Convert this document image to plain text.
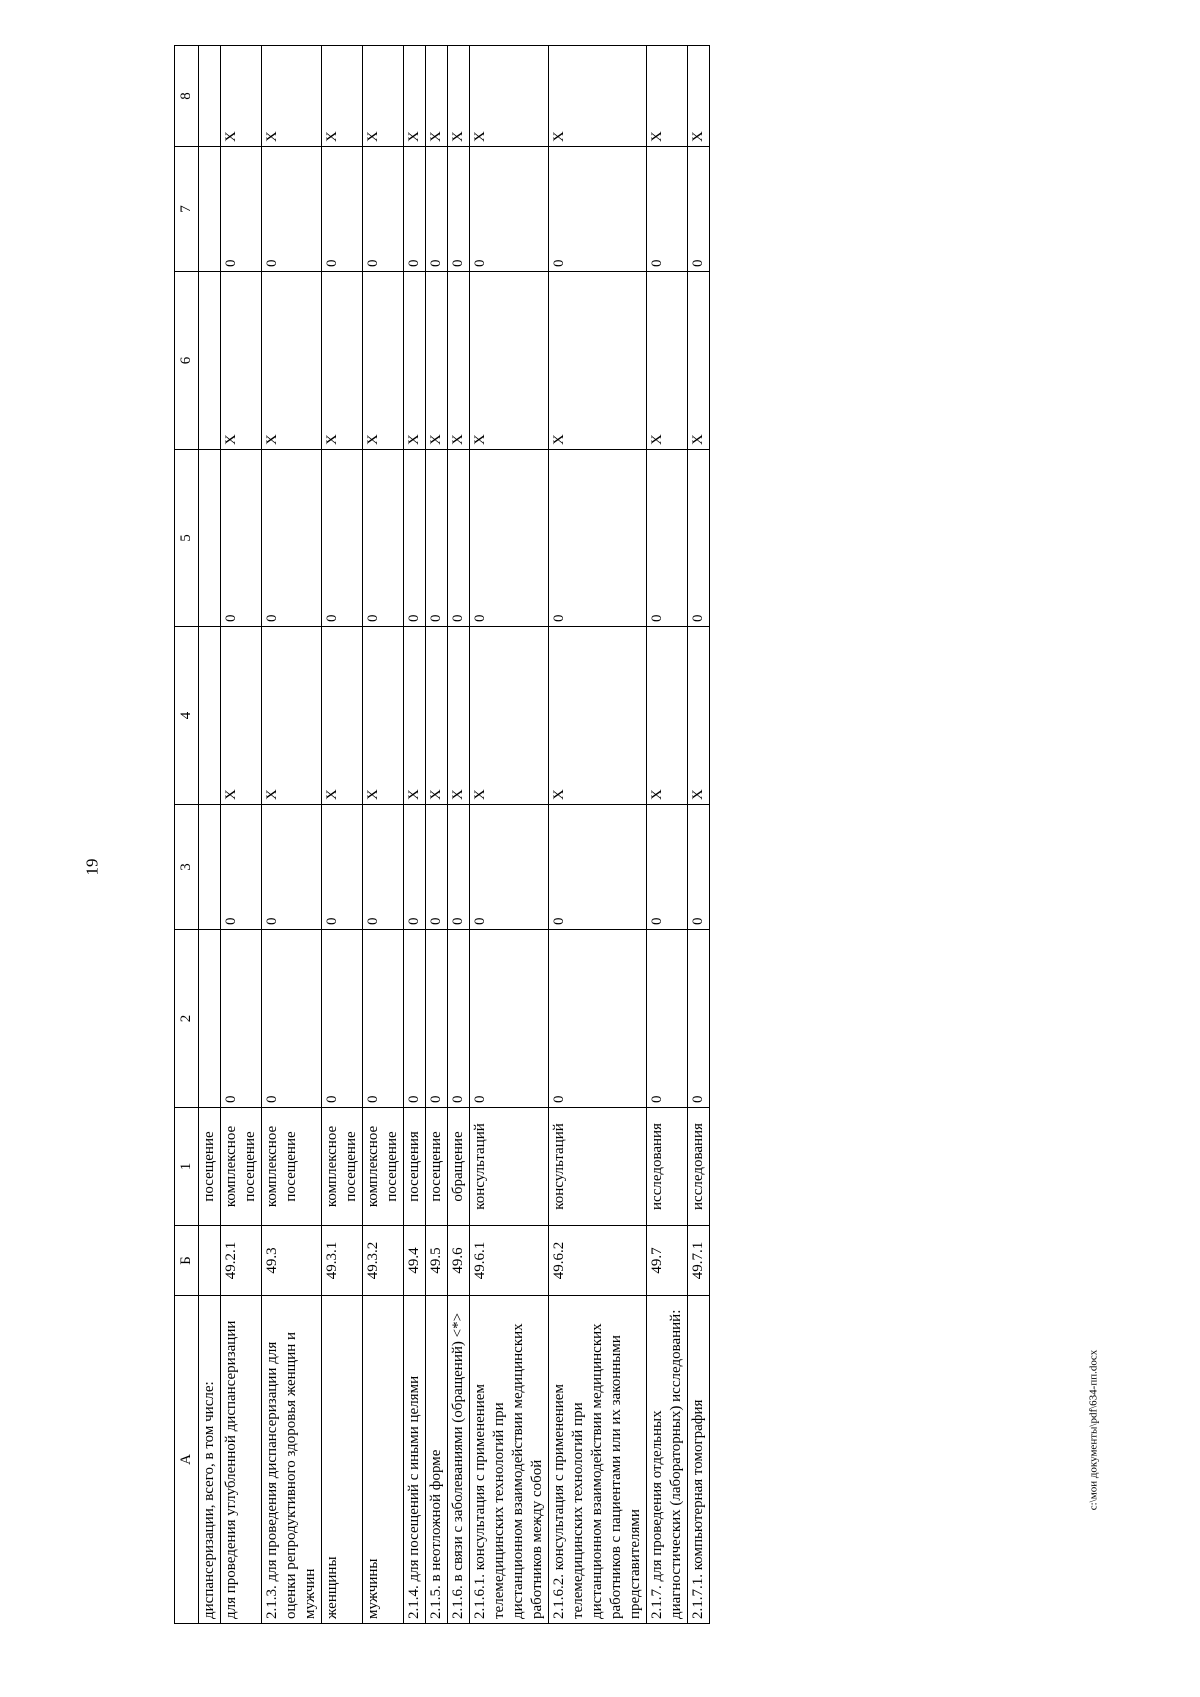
19
А	Б	1	2	3	4	5	6	7	8
диспансеризации, всего, в том числе:		посещение							
для проведения углубленной диспансеризации	49.2.1	комплексное посещение	0	0	X	0	X	0	X
2.1.3. для проведения диспансеризации для оценки репродуктивного здоровья женщин и мужчин	49.3	комплексное посещение	0	0	X	0	X	0	X
женщины	49.3.1	комплексное посещение	0	0	X	0	X	0	X
мужчины	49.3.2	комплексное посещение	0	0	X	0	X	0	X
2.1.4. для посещений с иными целями	49.4	посещения	0	0	X	0	X	0	X
2.1.5. в неотложной форме	49.5	посещение	0	0	X	0	X	0	X
2.1.6. в связи с заболеваниями (обращений) <*>	49.6	обращение	0	0	X	0	X	0	X
2.1.6.1. консультация с применением телемедицинских технологий при дистанционном взаимодействии медицинских работников между собой	49.6.1	консультаций	0	0	X	0	X	0	X
2.1.6.2. консультация с применением телемедицинских технологий при дистанционном взаимодействии медицинских работников с пациентами или их законными представителями	49.6.2	консультаций	0	0	X	0	X	0	X
2.1.7. для проведения отдельных диагностических (лабораторных) исследований:	49.7	исследования	0	0	X	0	X	0	X
2.1.7.1. компьютерная томография	49.7.1	исследования	0	0	X	0	X	0	X
c:\мои документы\pdf\634-пп.docx
